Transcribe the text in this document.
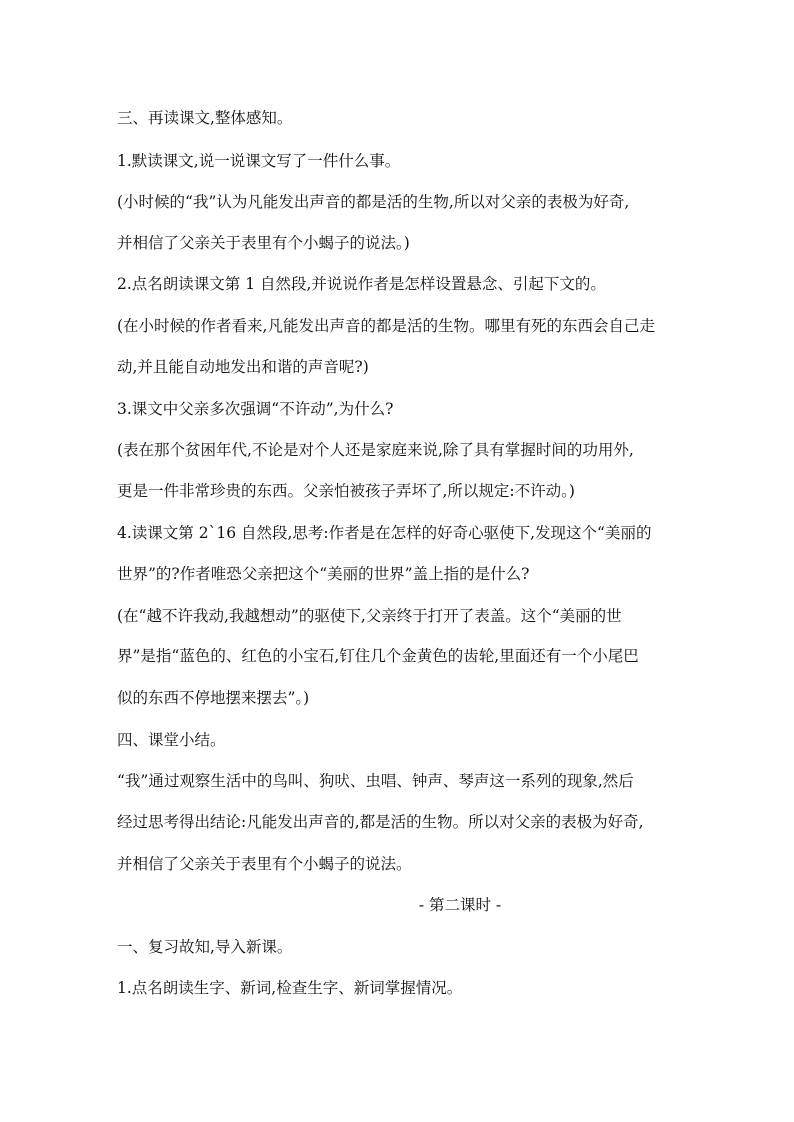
三、再读课文,整体感知。
1.默读课文,说一说课文写了一件什么事。
(小时候的“我”认为凡能发出声音的都是活的生物,所以对父亲的表极为好奇,
并相信了父亲关于表里有个小蝎子的说法。)
2.点名朗读课文第 1 自然段,并说说作者是怎样设置悬念、引起下文的。
(在小时候的作者看来,凡能发出声音的都是活的生物。哪里有死的东西会自己走
动,并且能自动地发出和谐的声音呢?)
3.课文中父亲多次强调“不许动”,为什么?
(表在那个贫困年代,不论是对个人还是家庭来说,除了具有掌握时间的功用外,
更是一件非常珍贵的东西。父亲怕被孩子弄坏了,所以规定:不许动。)
4.读课文第 2`16 自然段,思考:作者是在怎样的好奇心驱使下,发现这个“美丽的
世界”的?作者唯恐父亲把这个“美丽的世界”盖上指的是什么?
(在“越不许我动,我越想动”的驱使下,父亲终于打开了表盖。这个“美丽的世
界”是指“蓝色的、红色的小宝石,钉住几个金黄色的齿轮,里面还有一个小尾巴
似的东西不停地摆来摆去”。)
四、课堂小结。
“我”通过观察生活中的鸟叫、狗吠、虫唱、钟声、琴声这一系列的现象,然后
经过思考得出结论:凡能发出声音的,都是活的生物。所以对父亲的表极为好奇,
并相信了父亲关于表里有个小蝎子的说法。
- 第二课时 -
一、复习故知,导入新课。
1.点名朗读生字、新词,检查生字、新词掌握情况。
